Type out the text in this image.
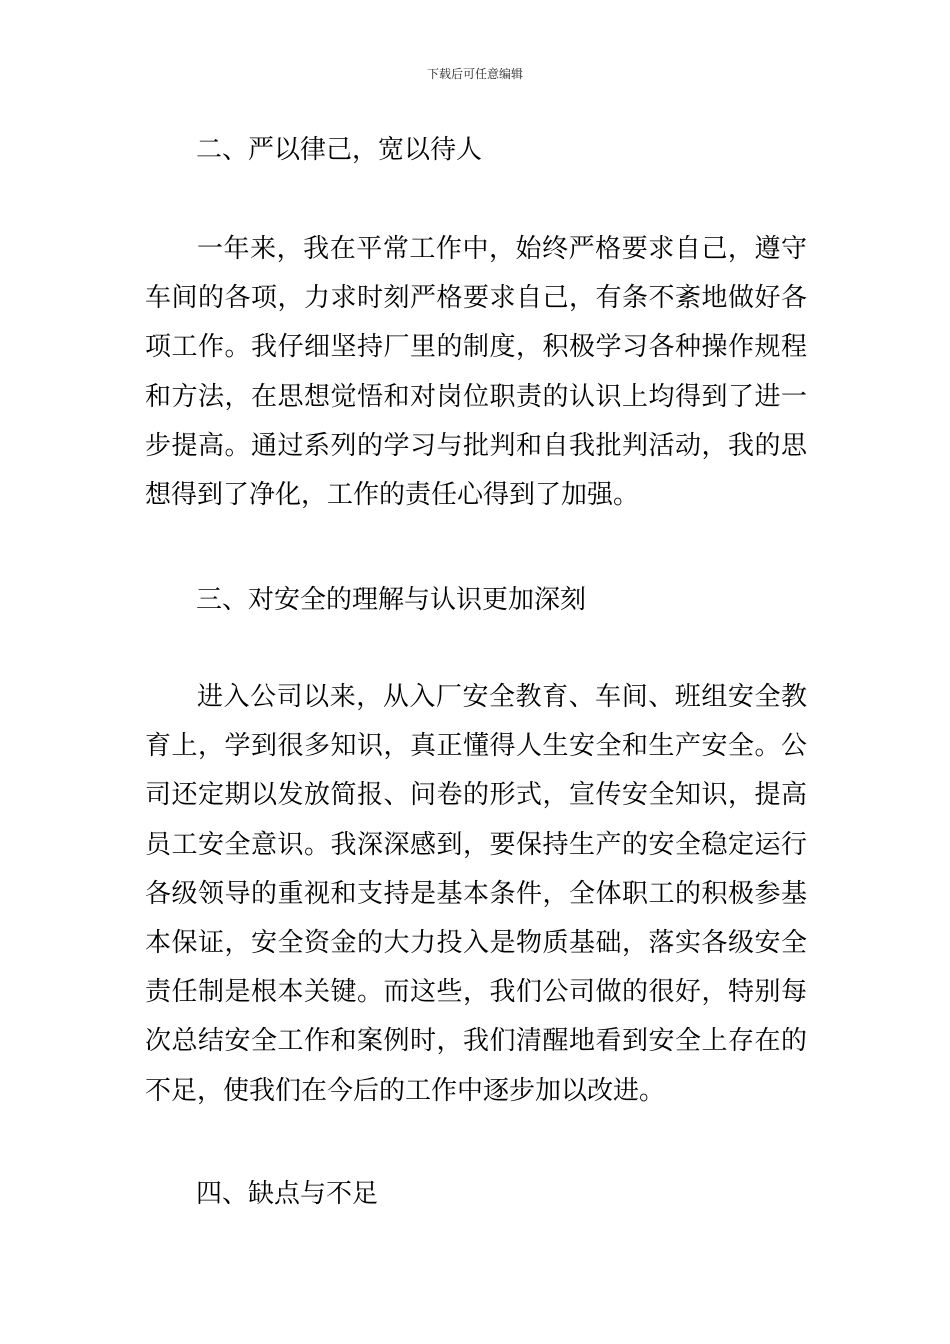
下载后可任意编辑
二、严以律己，宽以待人
一年来，我在平常工作中，始终严格要求自己，遵守
车间的各项，力求时刻严格要求自己，有条不紊地做好各
项工作。我仔细坚持厂里的制度，积极学习各种操作规程
和方法，在思想觉悟和对岗位职责的认识上均得到了进一
步提高。通过系列的学习与批判和自我批判活动，我的思
想得到了净化，工作的责任心得到了加强。
三、对安全的理解与认识更加深刻
进入公司以来，从入厂安全教育、车间、班组安全教
育上，学到很多知识，真正懂得人生安全和生产安全。公
司还定期以发放简报、问卷的形式，宣传安全知识，提高
员工安全意识。我深深感到，要保持生产的安全稳定运行
各级领导的重视和支持是基本条件，全体职工的积极参基
本保证，安全资金的大力投入是物质基础，落实各级安全
责任制是根本关键。而这些，我们公司做的很好，特别每
次总结安全工作和案例时，我们清醒地看到安全上存在的
不足，使我们在今后的工作中逐步加以改进。
四、缺点与不足
